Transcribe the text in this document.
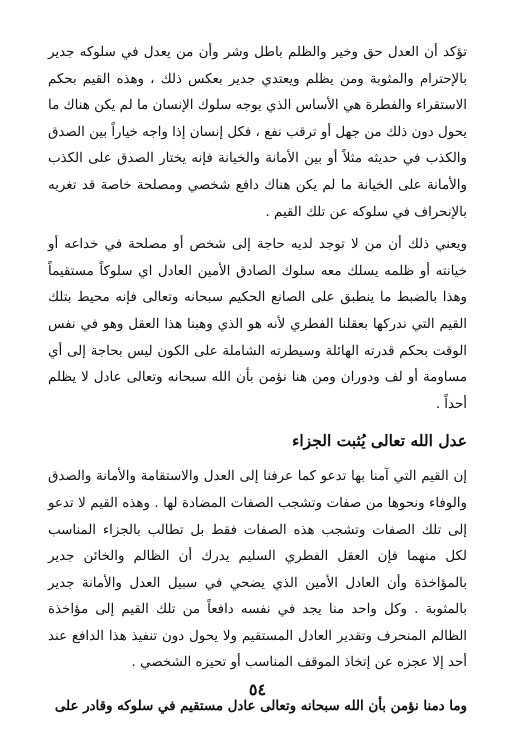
تؤكد أن العدل حق وخير والظلم باطل وشر وأن من يعدل في سلوكه جدير بالإحترام والمثوبة ومن يظلم ويعتدي جدير بعكس ذلك ، وهذه القيم بحكم الاستقراء والفطرة هي الأساس الذي يوجه سلوك الإنسان ما لم يكن هناك ما يحول دون ذلك من جهل أو ترقب نفع ، فكل إنسان إذا واجه خياراً بين الصدق والكذب في حديثه مثلاً أو بين الأمانة والخيانة فإنه يختار الصدق على الكذب والأمانة على الخيانة ما لم يكن هناك دافع شخصي ومصلحة خاصة قد تغريه بالإنحراف في سلوكه عن تلك القيم .

ويعني ذلك أن من لا توجد لديه حاجة إلى شخص أو مصلحة في خداعه أو خيانته أو ظلمه يسلك معه سلوك الصادق الأمين العادل اي سلوكاً مستقيماً وهذا بالضبط ما ينطبق على الصانع الحكيم سبحانه وتعالى فإنه محيط بتلك القيم التي ندركها بعقلنا الفطري لأنه هو الذي وهبنا هذا العقل وهو في نفس الوقت بحكم قدرته الهائلة وسيطرته الشاملة على الكون ليس بحاجة إلى أي مساومة أو لف ودوران ومن هنا نؤمن بأن الله سبحانه وتعالى عادل لا يظلم أحداً .

عدل الله تعالى يُثبت الجزاء

إن القيم التي آمنا بها تدعو كما عرفنا إلى العدل والاستقامة والأمانة والصدق والوفاء ونحوها من صفات وتشجب الصفات المضادة لها . وهذه القيم لا تدعو إلى تلك الصفات وتشجب هذه الصفات فقط بل تطالب بالجزاء المناسب لكل منهما فإن العقل الفطري السليم يدرك أن الظالم والخائن جدير بالمؤاخذة وأن العادل الأمين الذي يضحي في سبيل العدل والأمانة جدير بالمثوبة . وكل واحد منا يجد في نفسه دافعاً من تلك القيم إلى مؤاخذة الظالم المنحرف وتقدير العادل المستقيم ولا يحول دون تنفيذ هذا الدافع عند أحد إلا عجزه عن إتخاذ الموقف المناسب أو تحيزه الشخصي .

وما دمنا نؤمن بأن الله سبحانه وتعالى عادل مستقيم في سلوكه وقادر على

٥٤
